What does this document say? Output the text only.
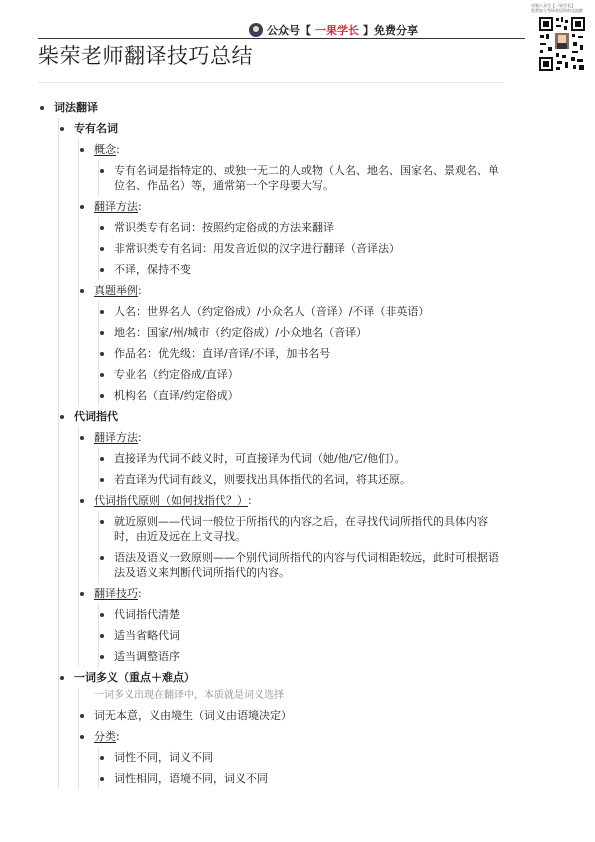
公众号【 一果学长 】免费分享
采集公众号【一果学长】
免费加入考研英语资料交流群
柴荣老师翻译技巧总结
词法翻译
专有名词
概念:
专有名词是指特定的、或独一无二的人或物（人名、地名、国家名、景观名、单位名、作品名）等，通常第一个字母要大写。
翻译方法:
常识类专有名词：按照约定俗成的方法来翻译
非常识类专有名词：用发音近似的汉字进行翻译（音译法）
不译，保持不变
真题举例:
人名：世界名人（约定俗成）/小众名人（音译）/不译（非英语）
地名：国家/州/城市（约定俗成）/小众地名（音译）
作品名：优先级：直译/音译/不译，加书名号
专业名（约定俗成/直译）
机构名（直译/约定俗成）
代词指代
翻译方法:
直接译为代词不歧义时，可直接译为代词（她/他/它/他们）。
若直译为代词有歧义，则要找出具体指代的名词，将其还原。
代词指代原则（如何找指代？）:
就近原则——代词一般位于所指代的内容之后，在寻找代词所指代的具体内容时，由近及远在上文寻找。
语法及语义一致原则——个别代词所指代的内容与代词相距较远，此时可根据语法及语义来判断代词所指代的内容。
翻译技巧:
代词指代清楚
适当省略代词
适当调整语序
一词多义（重点＋难点）
一词多义出现在翻译中，本质就是词义选择
词无本意，义由境生（词义由语境决定）
分类:
词性不同，词义不同
词性相同，语境不同，词义不同
